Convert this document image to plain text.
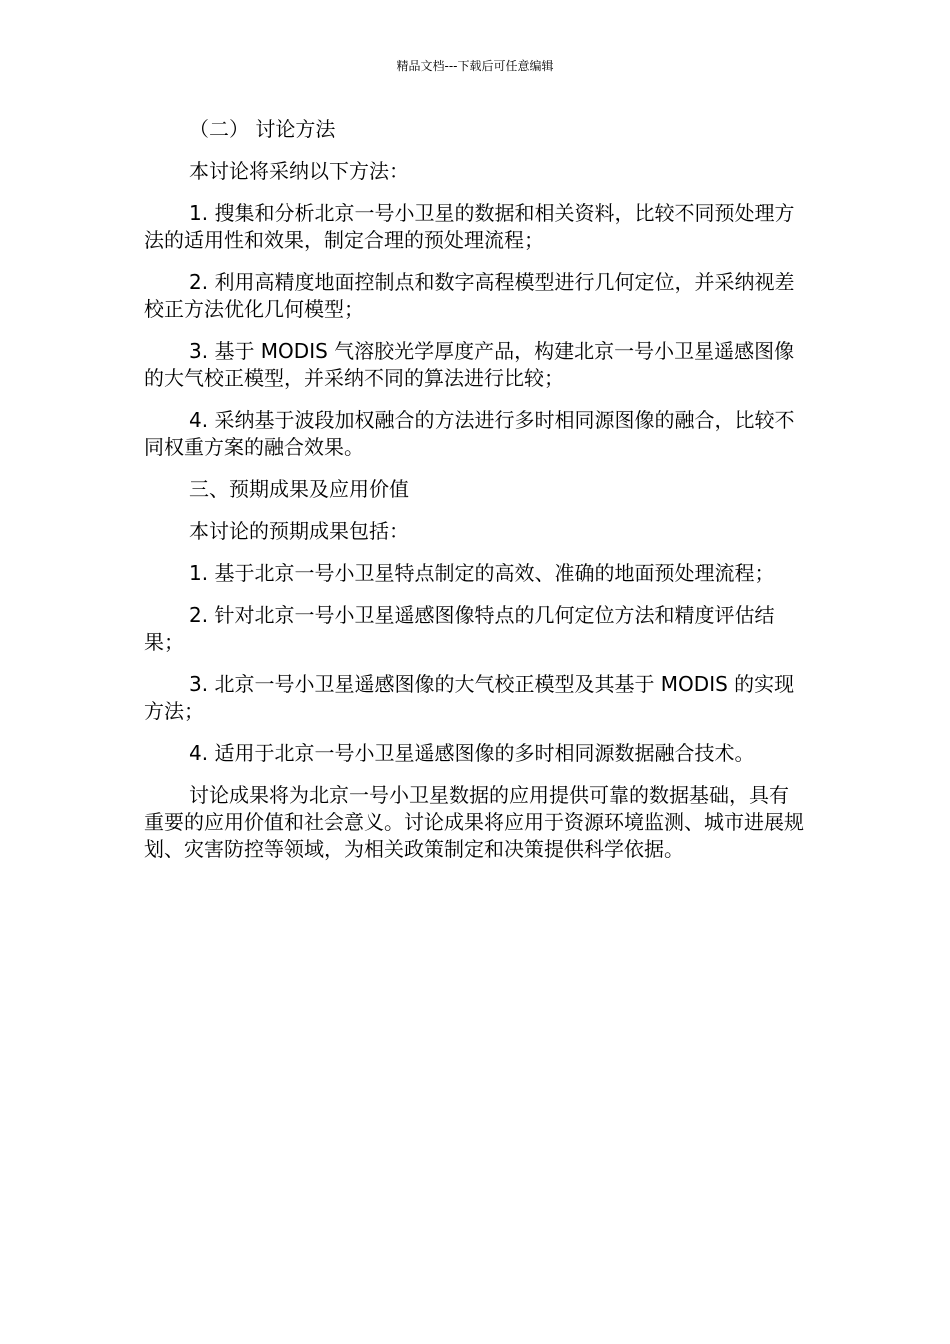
精品文档---下载后可任意编辑

（二） 讨论方法

本讨论将采纳以下方法：

1. 搜集和分析北京一号小卫星的数据和相关资料，比较不同预处理方法的适用性和效果，制定合理的预处理流程；

2. 利用高精度地面控制点和数字高程模型进行几何定位，并采纳视差校正方法优化几何模型；

3. 基于 MODIS 气溶胶光学厚度产品，构建北京一号小卫星遥感图像的大气校正模型，并采纳不同的算法进行比较；

4. 采纳基于波段加权融合的方法进行多时相同源图像的融合，比较不同权重方案的融合效果。

三、预期成果及应用价值

本讨论的预期成果包括：

1. 基于北京一号小卫星特点制定的高效、准确的地面预处理流程；

2. 针对北京一号小卫星遥感图像特点的几何定位方法和精度评估结果；

3. 北京一号小卫星遥感图像的大气校正模型及其基于 MODIS 的实现方法；

4. 适用于北京一号小卫星遥感图像的多时相同源数据融合技术。

讨论成果将为北京一号小卫星数据的应用提供可靠的数据基础，具有重要的应用价值和社会意义。讨论成果将应用于资源环境监测、城市进展规划、灾害防控等领域，为相关政策制定和决策提供科学依据。
